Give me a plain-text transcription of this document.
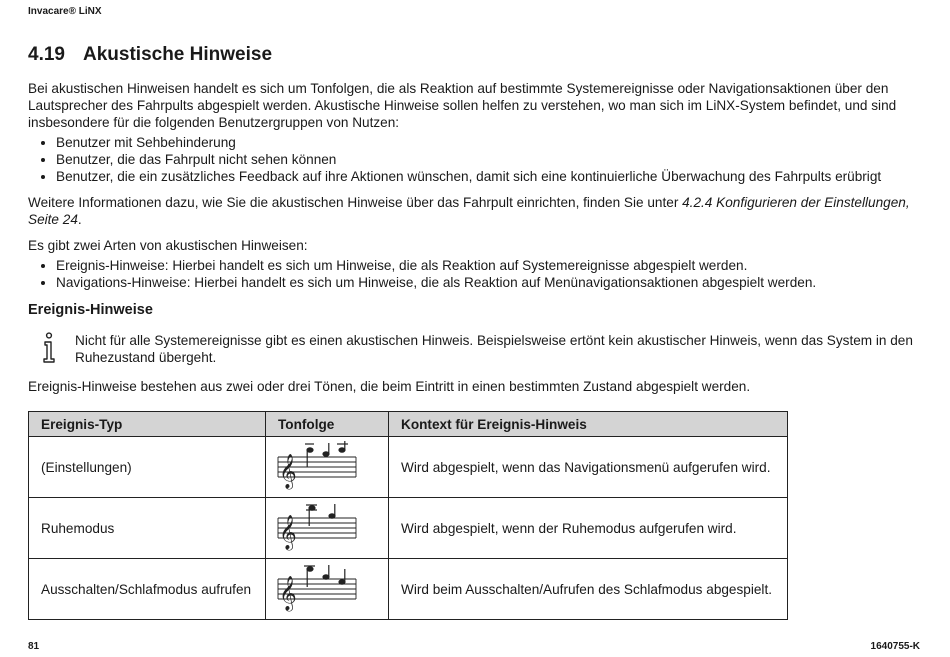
Invacare® LiNX
4.19 Akustische Hinweise

Bei akustischen Hinweisen handelt es sich um Tonfolgen, die als Reaktion auf bestimmte Systemereignisse oder Navigationsaktionen über den Lautsprecher des Fahrpults abgespielt werden. Akustische Hinweise sollen helfen zu verstehen, wo man sich im LiNX-System befindet, und sind insbesondere für die folgenden Benutzergruppen von Nutzen:

• Benutzer mit Sehbehinderung
• Benutzer, die das Fahrpult nicht sehen können
• Benutzer, die ein zusätzliches Feedback auf ihre Aktionen wünschen, damit sich eine kontinuierliche Überwachung des Fahrpults erübrigt

Weitere Informationen dazu, wie Sie die akustischen Hinweise über das Fahrpult einrichten, finden Sie unter 4.2.4 Konfigurieren der Einstellungen, Seite 24.

Es gibt zwei Arten von akustischen Hinweisen:

• Ereignis-Hinweise: Hierbei handelt es sich um Hinweise, die als Reaktion auf Systemereignisse abgespielt werden.
• Navigations-Hinweise: Hierbei handelt es sich um Hinweise, die als Reaktion auf Menünavigationsaktionen abgespielt werden.
Ereignis-Hinweise

Nicht für alle Systemereignisse gibt es einen akustischen Hinweis. Beispielsweise ertönt kein akustischer Hinweis, wenn das System in den Ruhezustand übergeht.

Ereignis-Hinweise bestehen aus zwei oder drei Tönen, die beim Eintritt in einen bestimmten Zustand abgespielt werden.

Ereignis-Typ	Tonfolge	Kontext für Ereignis-Hinweis
(Einstellungen)	𝄞	Wird abgespielt, wenn das Navigationsmenü aufgerufen wird.
Ruhemodus	𝄞	Wird abgespielt, wenn der Ruhemodus aufgerufen wird.
Ausschalten/Schlafmodus aufrufen	𝄞	Wird beim Ausschalten/Aufrufen des Schlafmodus abgespielt.
81	1640755-K
